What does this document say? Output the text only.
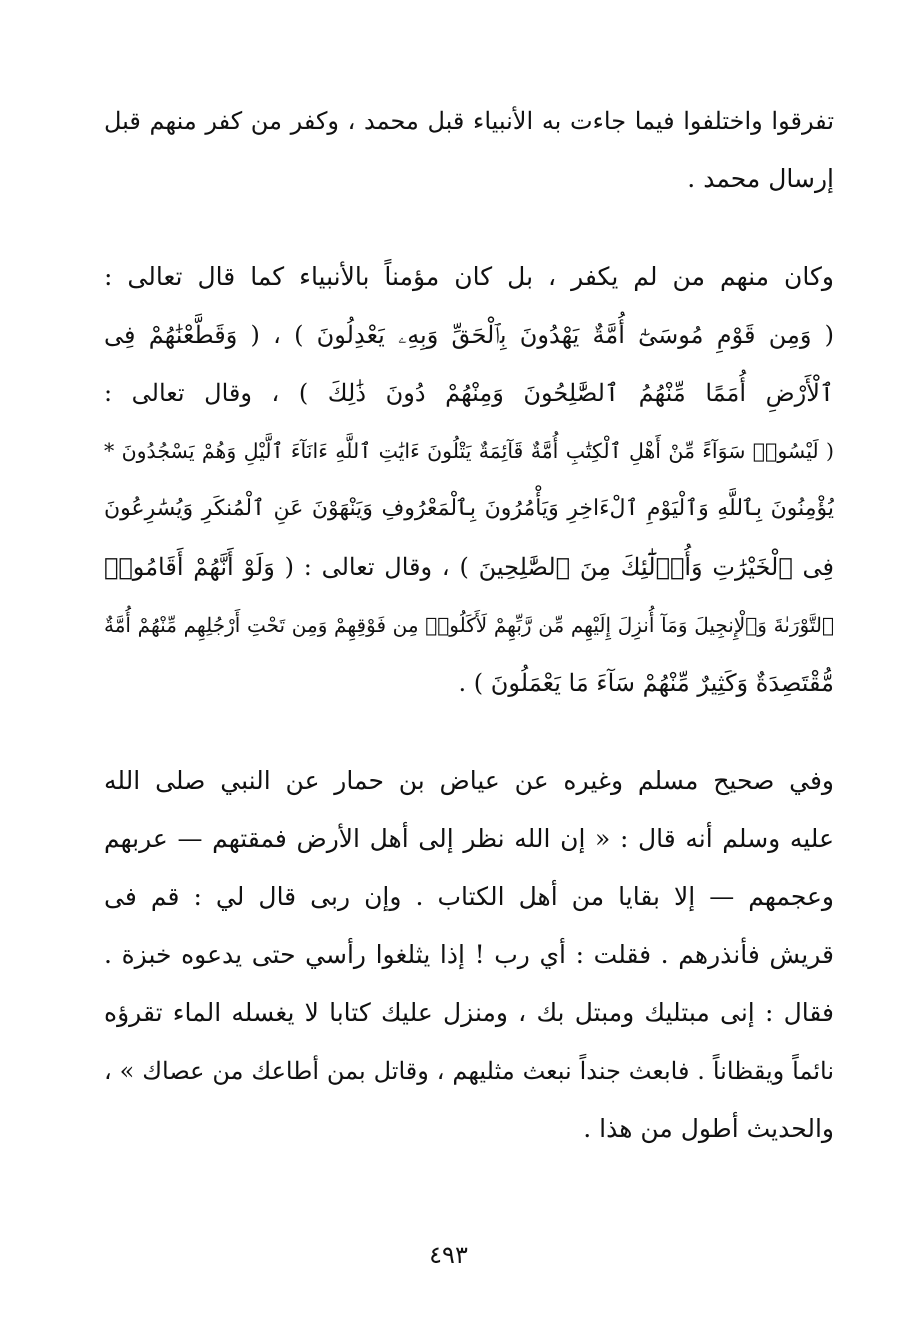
تفرقوا واختلفوا فيما جاءت به الأنبياء قبل محمد ، وكفر من كفر منهم قبل
إرسال محمد .

وكان منهم من لم يكفر ، بل كان مؤمناً بالأنبياء كما قال تعالى :
( وَمِن قَوْمِ مُوسَىٰٓ أُمَّةٌ يَهْدُونَ بِٱلْحَقِّ وَبِهِۦ يَعْدِلُونَ ) ، ( وَقَطَّعْنَٰهُمْ فِى
ٱلْأَرْضِ أُمَمًا مِّنْهُمُ ٱلصَّٰلِحُونَ وَمِنْهُمْ دُونَ ذَٰلِكَ ) ، وقال تعالى :
( لَيْسُوا۟ سَوَآءً مِّنْ أَهْلِ ٱلْكِتَٰبِ أُمَّةٌ قَآئِمَةٌ يَتْلُونَ ءَايَٰتِ ٱللَّهِ ءَانَآءَ ٱلَّيْلِ وَهُمْ يَسْجُدُونَ *
يُؤْمِنُونَ بِٱللَّهِ وَٱلْيَوْمِ ٱلْءَاخِرِ وَيَأْمُرُونَ بِٱلْمَعْرُوفِ وَيَنْهَوْنَ عَنِ ٱلْمُنكَرِ وَيُسَٰرِعُونَ
فِى ٱلْخَيْرَٰتِ وَأُو۟لَٰٓئِكَ مِنَ ٱلصَّٰلِحِينَ ) ، وقال تعالى : ( وَلَوْ أَنَّهُمْ أَقَامُوا۟
ٱلتَّوْرَىٰةَ وَٱلْإِنجِيلَ وَمَآ أُنزِلَ إِلَيْهِم مِّن رَّبِّهِمْ لَأَكَلُوا۟ مِن فَوْقِهِمْ وَمِن تَحْتِ أَرْجُلِهِم مِّنْهُمْ أُمَّةٌ
مُّقْتَصِدَةٌ وَكَثِيرٌ مِّنْهُمْ سَآءَ مَا يَعْمَلُونَ ) .

وفي صحيح مسلم وغيره عن عياض بن حمار عن النبي صلى الله
عليه وسلم أنه قال : « إن الله نظر إلى أهل الأرض فمقتهم — عربهم
وعجمهم — إلا بقايا من أهل الكتاب . وإن ربى قال لي : قم فى
قريش فأنذرهم . فقلت : أي رب ! إذا يثلغوا رأسي حتى يدعوه خبزة .
فقال : إنى مبتليك ومبتل بك ، ومنزل عليك كتابا لا يغسله الماء تقرؤه
نائماً ويقظاناً . فابعث جنداً نبعث مثليهم ، وقاتل بمن أطاعك من عصاك » ،
والحديث أطول من هذا .

٤٩٣
